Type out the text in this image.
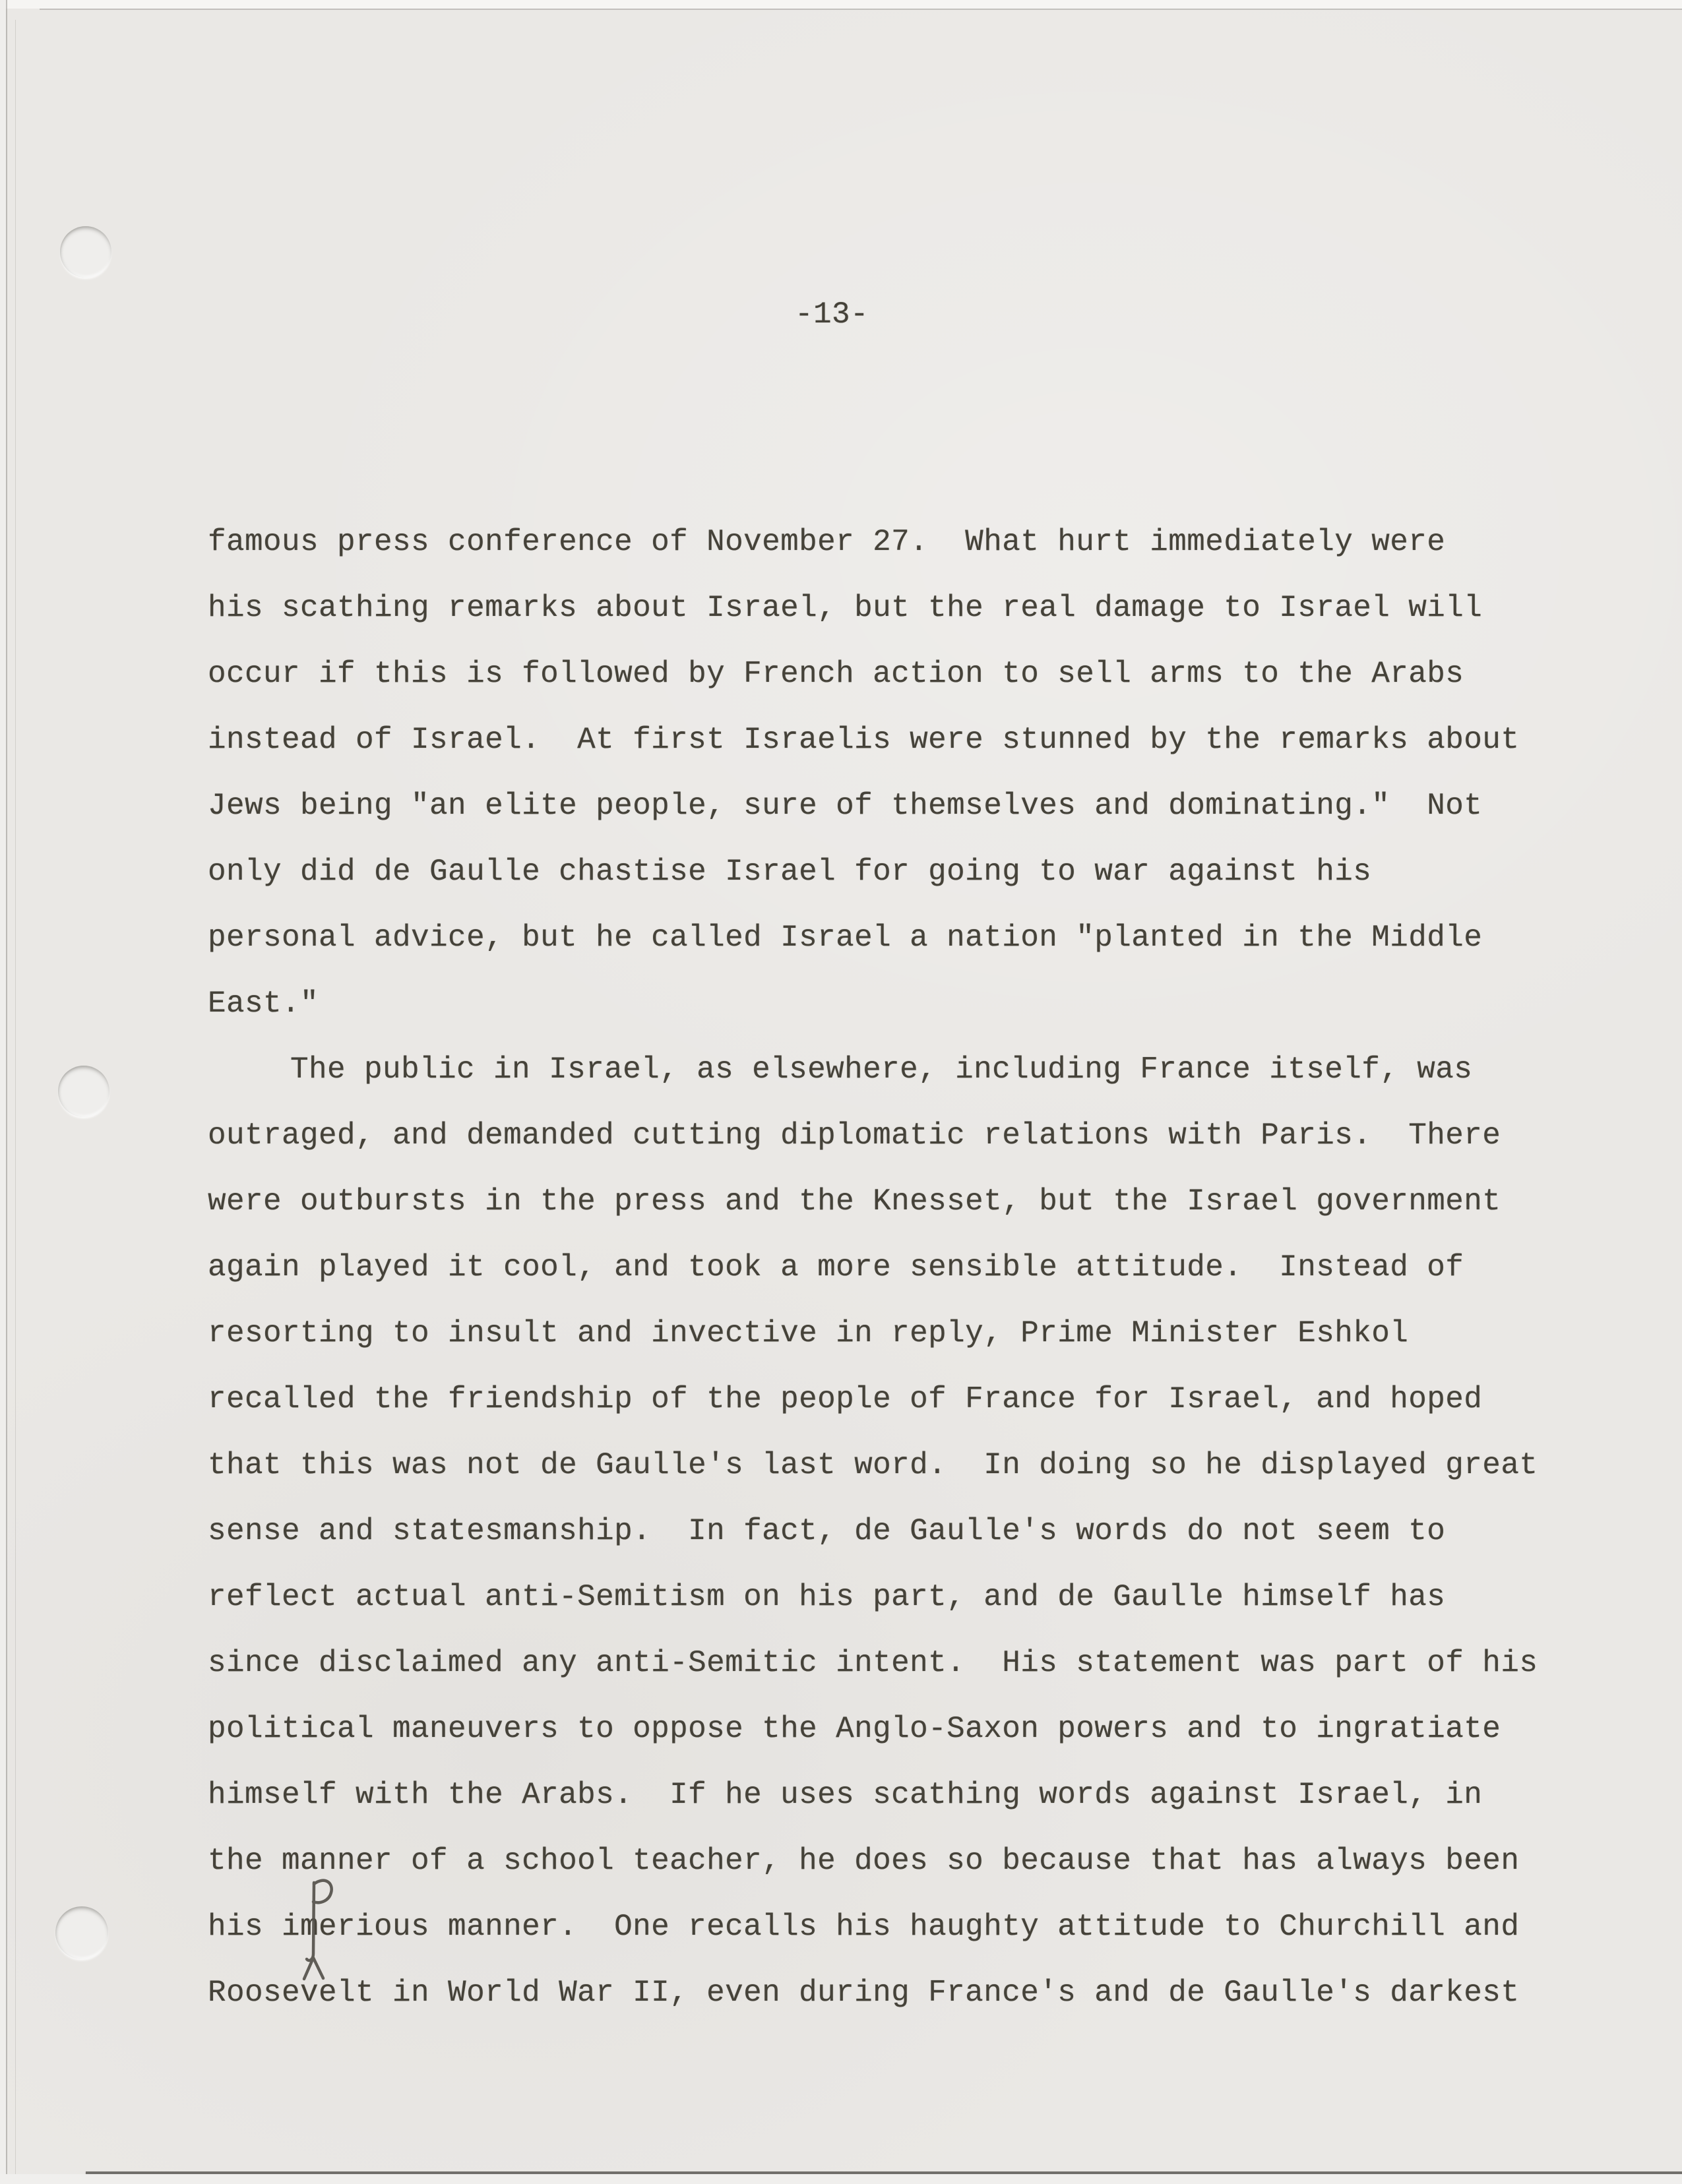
-13-
famous press conference of November 27.  What hurt immediately were
his scathing remarks about Israel, but the real damage to Israel will
occur if this is followed by French action to sell arms to the Arabs
instead of Israel.  At first Israelis were stunned by the remarks about
Jews being "an elite people, sure of themselves and dominating."  Not
only did de Gaulle chastise Israel for going to war against his
personal advice, but he called Israel a nation "planted in the Middle
East."
The public in Israel, as elsewhere, including France itself, was
outraged, and demanded cutting diplomatic relations with Paris.  There
were outbursts in the press and the Knesset, but the Israel government
again played it cool, and took a more sensible attitude.  Instead of
resorting to insult and invective in reply, Prime Minister Eshkol
recalled the friendship of the people of France for Israel, and hoped
that this was not de Gaulle's last word.  In doing so he displayed great
sense and statesmanship.  In fact, de Gaulle's words do not seem to
reflect actual anti-Semitism on his part, and de Gaulle himself has
since disclaimed any anti-Semitic intent.  His statement was part of his
political maneuvers to oppose the Anglo-Saxon powers and to ingratiate
himself with the Arabs.  If he uses scathing words against Israel, in
the manner of a school teacher, he does so because that has always been
his imerious manner.  One recalls his haughty attitude to Churchill and
Roosevelt in World War II, even during France's and de Gaulle's darkest
